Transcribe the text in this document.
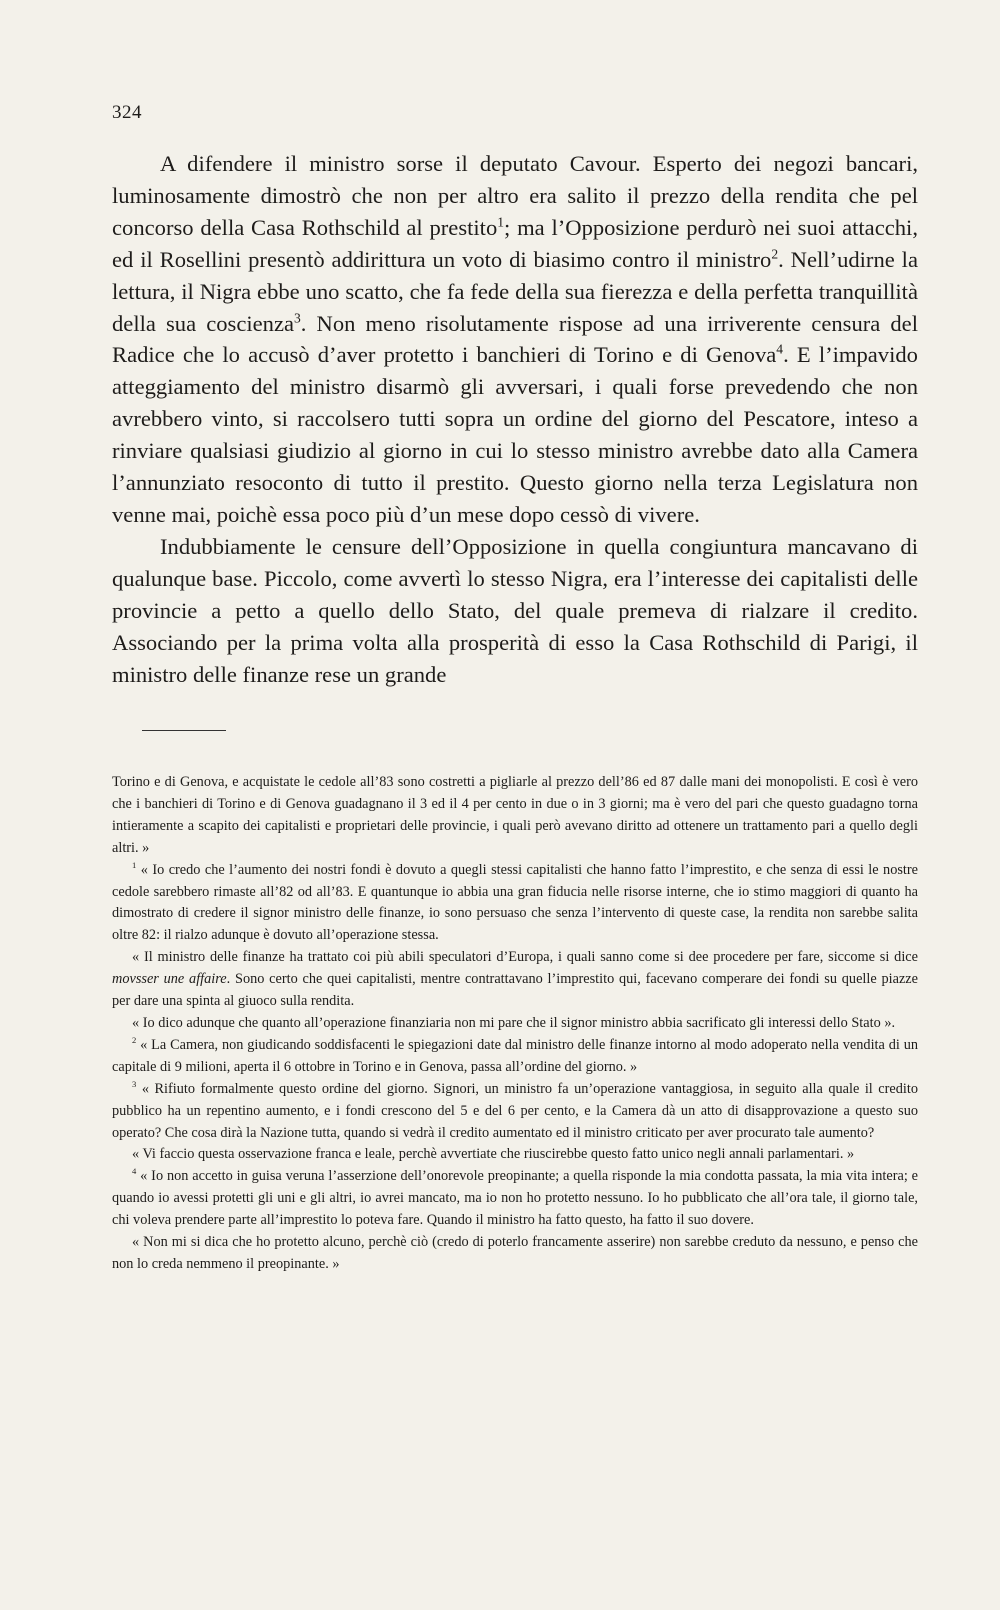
324

A difendere il ministro sorse il deputato Cavour. Esperto dei negozi bancari, luminosamente dimostrò che non per altro era salito il prezzo della rendita che pel concorso della Casa Rothschild al prestito$^1$; ma l’Opposizione perdurò nei suoi attacchi, ed il Rosellini presentò addirittura un voto di biasimo contro il ministro$^2$. Nell’udirne la lettura, il Nigra ebbe uno scatto, che fa fede della sua fierezza e della perfetta tranquillità della sua coscienza$^3$. Non meno risolutamente rispose ad una irriverente censura del Radice che lo accusò d’aver protetto i banchieri di Torino e di Genova$^4$. E l’impavido atteggiamento del ministro disarmò gli avversari, i quali forse prevedendo che non avrebbero vinto, si raccolsero tutti sopra un ordine del giorno del Pescatore, inteso a rinviare qualsiasi giudizio al giorno in cui lo stesso ministro avrebbe dato alla Camera l’annunziato resoconto di tutto il prestito. Questo giorno nella terza Legislatura non venne mai, poichè essa poco più d’un mese dopo cessò di vivere.

Indubbiamente le censure dell’Opposizione in quella congiuntura mancavano di qualunque base. Piccolo, come avvertì lo stesso Nigra, era l’interesse dei capitalisti delle provincie a petto a quello dello Stato, del quale premeva di rialzare il credito. Associando per la prima volta alla prosperità di esso la Casa Rothschild di Parigi, il ministro delle finanze rese un grande

Torino e di Genova, e acquistate le cedole all’83 sono costretti a pigliarle al prezzo dell’86 ed 87 dalle mani dei monopolisti. E così è vero che i banchieri di Torino e di Genova guadagnano il 3 ed il 4 per cento in due o in 3 giorni; ma è vero del pari che questo guadagno torna intieramente a scapito dei capitalisti e proprietari delle provincie, i quali però avevano diritto ad ottenere un trattamento pari a quello degli altri. »

$^1$ « Io credo che l’aumento dei nostri fondi è dovuto a quegli stessi capitalisti che hanno fatto l’imprestito, e che senza di essi le nostre cedole sarebbero rimaste all’82 od all’83. E quantunque io abbia una gran fiducia nelle risorse interne, che io stimo maggiori di quanto ha dimostrato di credere il signor ministro delle finanze, io sono persuaso che senza l’intervento di queste case, la rendita non sarebbe salita oltre 82: il rialzo adunque è dovuto all’operazione stessa.

« Il ministro delle finanze ha trattato coi più abili speculatori d’Europa, i quali sanno come si dee procedere per fare, siccome si dice movsser une affaire. Sono certo che quei capitalisti, mentre contrattavano l’imprestito qui, facevano comperare dei fondi su quelle piazze per dare una spinta al giuoco sulla rendita.

« Io dico adunque che quanto all’operazione finanziaria non mi pare che il signor ministro abbia sacrificato gli interessi dello Stato ».

$^2$ « La Camera, non giudicando soddisfacenti le spiegazioni date dal ministro delle finanze intorno al modo adoperato nella vendita di un capitale di 9 milioni, aperta il 6 ottobre in Torino e in Genova, passa all’ordine del giorno. »

$^3$ « Rifiuto formalmente questo ordine del giorno. Signori, un ministro fa un’operazione vantaggiosa, in seguito alla quale il credito pubblico ha un repentino aumento, e i fondi crescono del 5 e del 6 per cento, e la Camera dà un atto di disapprovazione a questo suo operato? Che cosa dirà la Nazione tutta, quando si vedrà il credito aumentato ed il ministro criticato per aver procurato tale aumento?

« Vi faccio questa osservazione franca e leale, perchè avvertiate che riuscirebbe questo fatto unico negli annali parlamentari. »

$^4$ « Io non accetto in guisa veruna l’asserzione dell’onorevole preopinante; a quella risponde la mia condotta passata, la mia vita intera; e quando io avessi protetti gli uni e gli altri, io avrei mancato, ma io non ho protetto nessuno. Io ho pubblicato che all’ora tale, il giorno tale, chi voleva prendere parte all’imprestito lo poteva fare. Quando il ministro ha fatto questo, ha fatto il suo dovere.

« Non mi si dica che ho protetto alcuno, perchè ciò (credo di poterlo francamente asserire) non sarebbe creduto da nessuno, e penso che non lo creda nemmeno il preopinante. »
